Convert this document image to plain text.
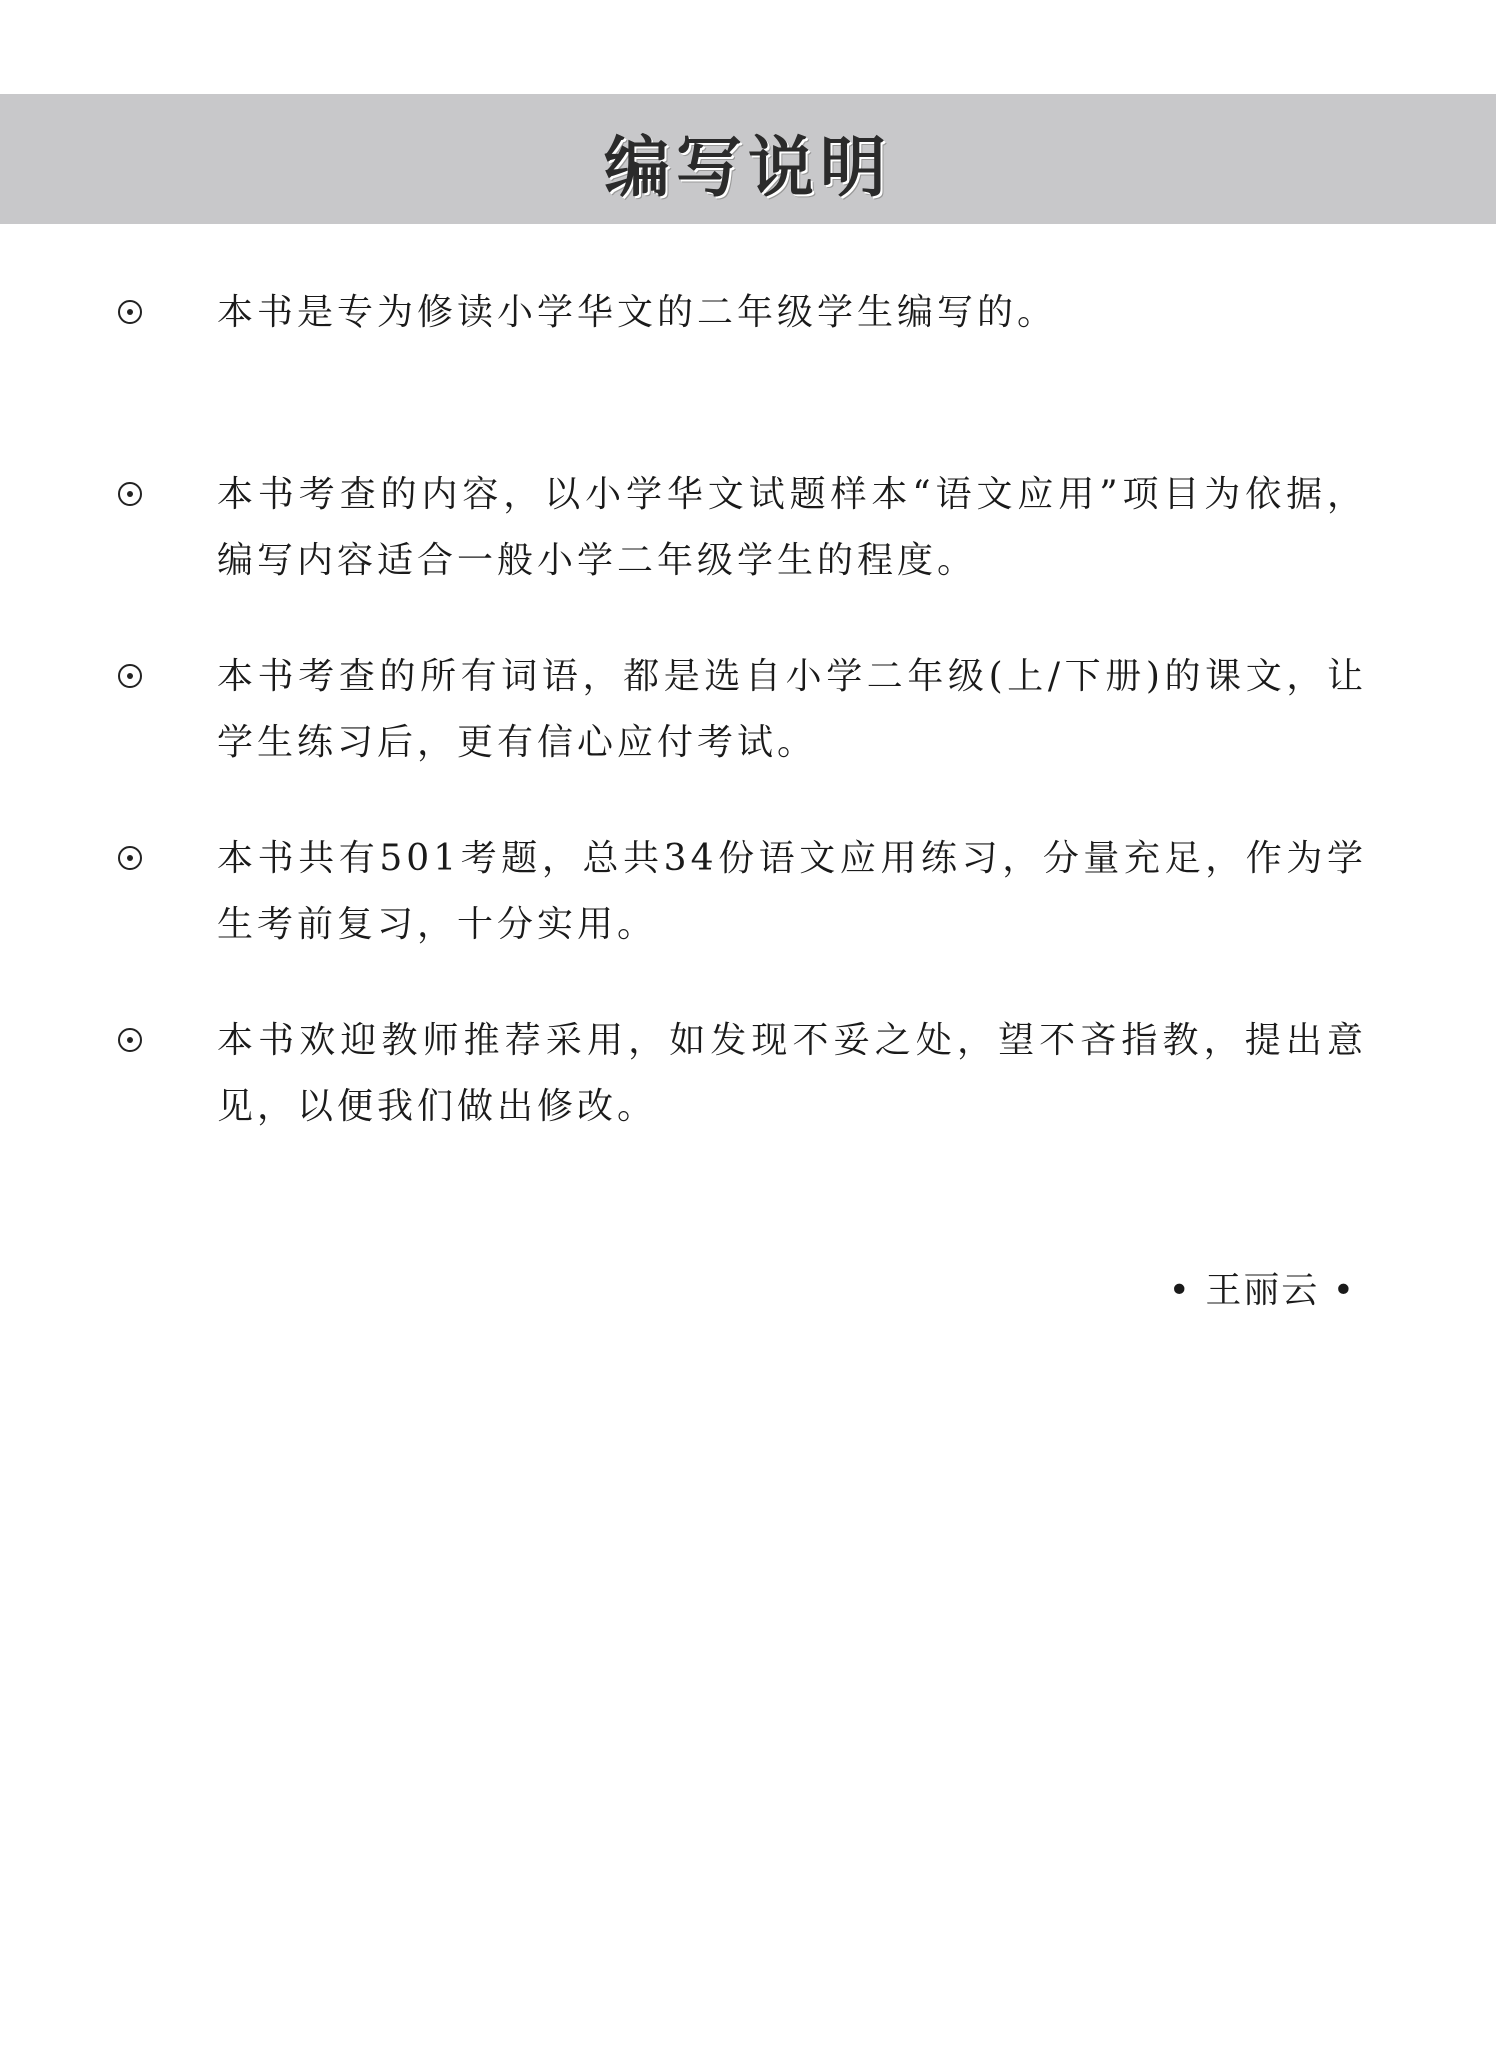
编写说明

本书是专为修读小学华文的二年级学生编写的。

本书考查的内容，以小学华文试题样本“语文应用”项目为依据，编写内容适合一般小学二年级学生的程度。

本书考查的所有词语，都是选自小学二年级(上/下册)的课文，让学生练习后，更有信心应付考试。

本书共有501考题，总共34份语文应用练习，分量充足，作为学生考前复习，十分实用。

本书欢迎教师推荐采用，如发现不妥之处，望不吝指教，提出意见，以便我们做出修改。

• 王丽云 •
